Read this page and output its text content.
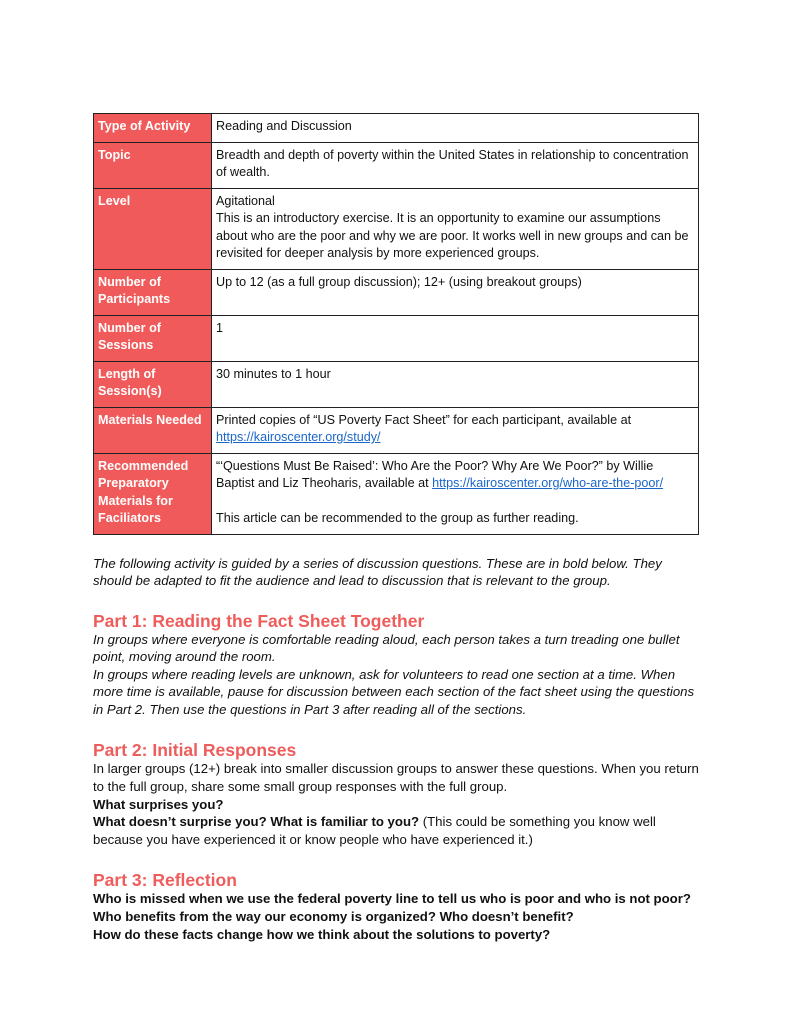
Type of Activity	Reading and Discussion
Topic	Breadth and depth of poverty within the United States in relationship to concentration of wealth.
Level	Agitational
This is an introductory exercise. It is an opportunity to examine our assumptions about who are the poor and why we are poor. It works well in new groups and can be revisited for deeper analysis by more experienced groups.

Number of Participants	Up to 12 (as a full group discussion); 12+ (using breakout groups)
Number of Sessions	1
Length of Session(s)	30 minutes to 1 hour
Materials Needed	Printed copies of “US Poverty Fact Sheet” for each participant, available at https://kairoscenter.org/study/
Recommended Preparatory Materials for Faciliators	“‘Questions Must Be Raised’: Who Are the Poor? Why Are We Poor?” by Willie Baptist and Liz Theoharis, available at https://kairoscenter.org/who-are-the-poor/
This article can be recommended to the group as further reading.
The following activity is guided by a series of discussion questions. These are in bold below. They should be adapted to fit the audience and lead to discussion that is relevant to the group.
Part 1: Reading the Fact Sheet Together
In groups where everyone is comfortable reading aloud, each person takes a turn treading one bullet point, moving around the room.
In groups where reading levels are unknown, ask for volunteers to read one section at a time. When more time is available, pause for discussion between each section of the fact sheet using the questions in Part 2. Then use the questions in Part 3 after reading all of the sections.
Part 2: Initial Responses
In larger groups (12+) break into smaller discussion groups to answer these questions. When you return to the full group, share some small group responses with the full group.
What surprises you?
What doesn’t surprise you? What is familiar to you? (This could be something you know well because you have experienced it or know people who have experienced it.)
Part 3: Reflection
Who is missed when we use the federal poverty line to tell us who is poor and who is not poor?
Who benefits from the way our economy is organized? Who doesn’t benefit?
How do these facts change how we think about the solutions to poverty?
